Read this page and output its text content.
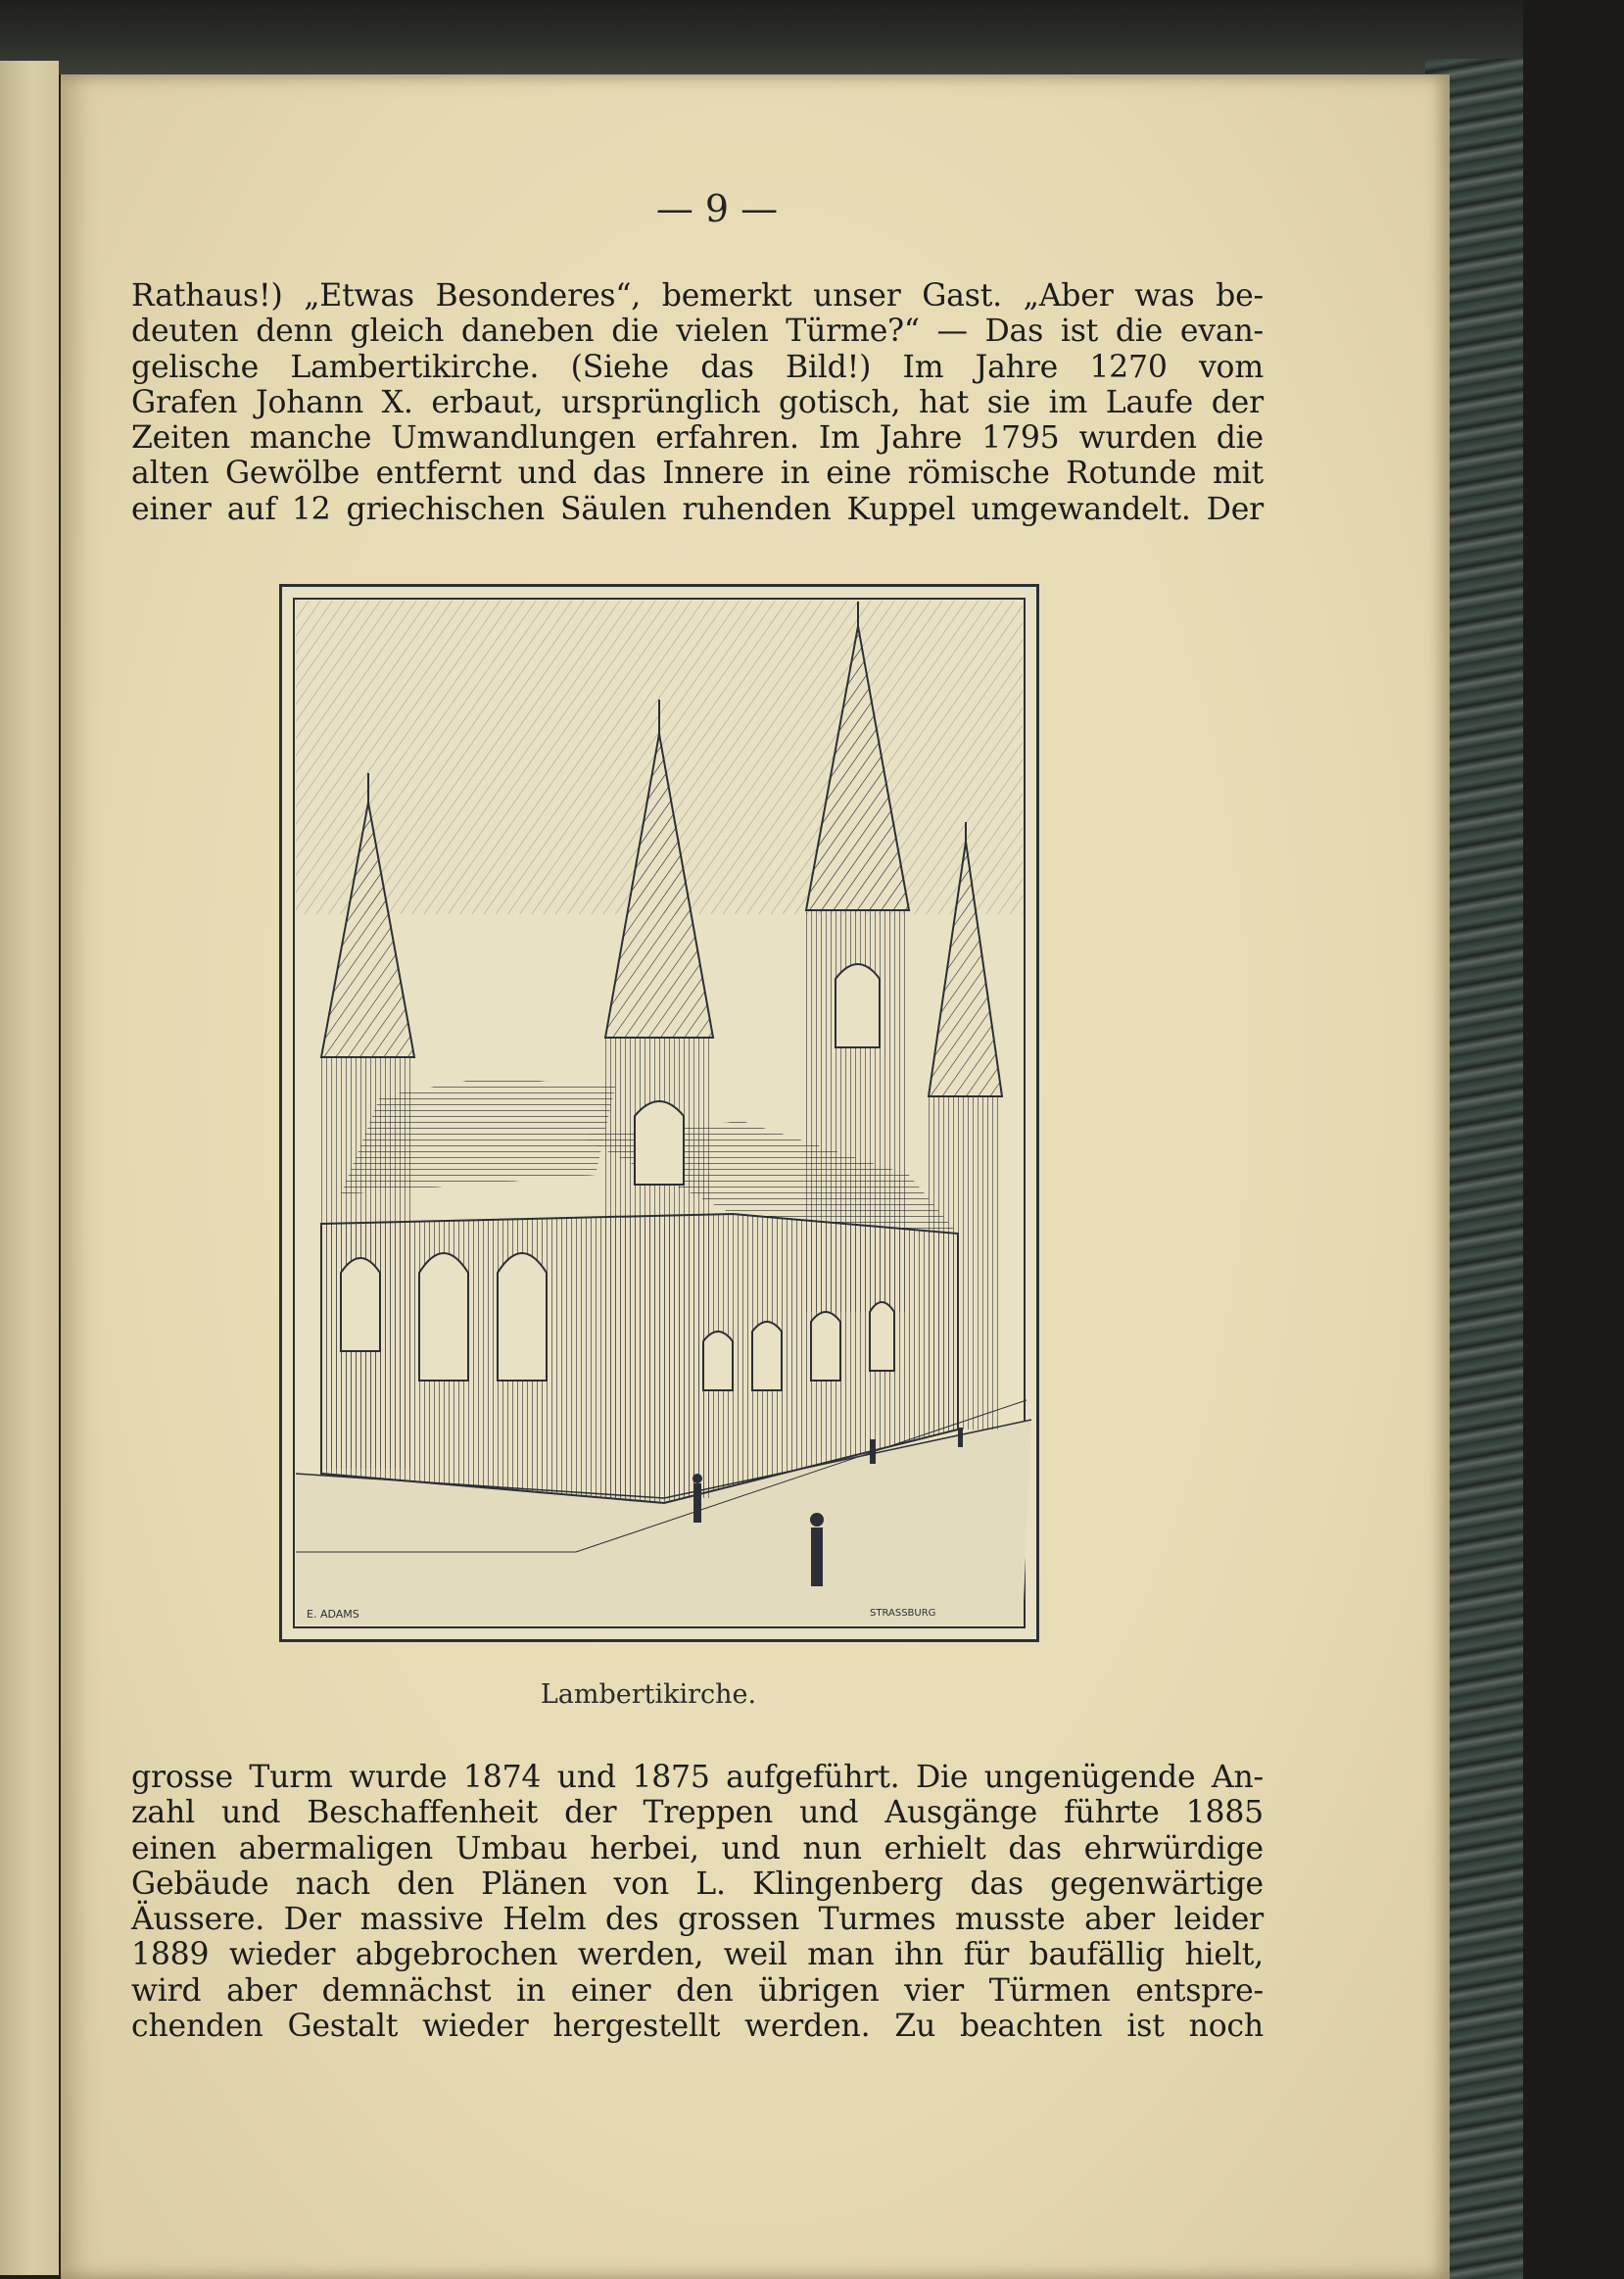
— 9 —
Rathaus!) „Etwas Besonderes“, bemerkt unser Gast. „Aber was be-
deuten denn gleich daneben die vielen Türme?“ — Das ist die evan-
gelische Lambertikirche. (Siehe das Bild!) Im Jahre 1270 vom
Grafen Johann X. erbaut, ursprünglich gotisch, hat sie im Laufe der
Zeiten manche Umwandlungen erfahren. Im Jahre 1795 wurden die
alten Gewölbe entfernt und das Innere in eine römische Rotunde mit
einer auf 12 griechischen Säulen ruhenden Kuppel umgewandelt. Der
E. ADAMS	STRASSBURG
Lambertikirche.
grosse Turm wurde 1874 und 1875 aufgeführt. Die ungenügende An-
zahl und Beschaffenheit der Treppen und Ausgänge führte 1885
einen abermaligen Umbau herbei, und nun erhielt das ehrwürdige
Gebäude nach den Plänen von L. Klingenberg das gegenwärtige
Äussere. Der massive Helm des grossen Turmes musste aber leider
1889 wieder abgebrochen werden, weil man ihn für baufällig hielt,
wird aber demnächst in einer den übrigen vier Türmen entspre-
chenden Gestalt wieder hergestellt werden. Zu beachten ist noch
